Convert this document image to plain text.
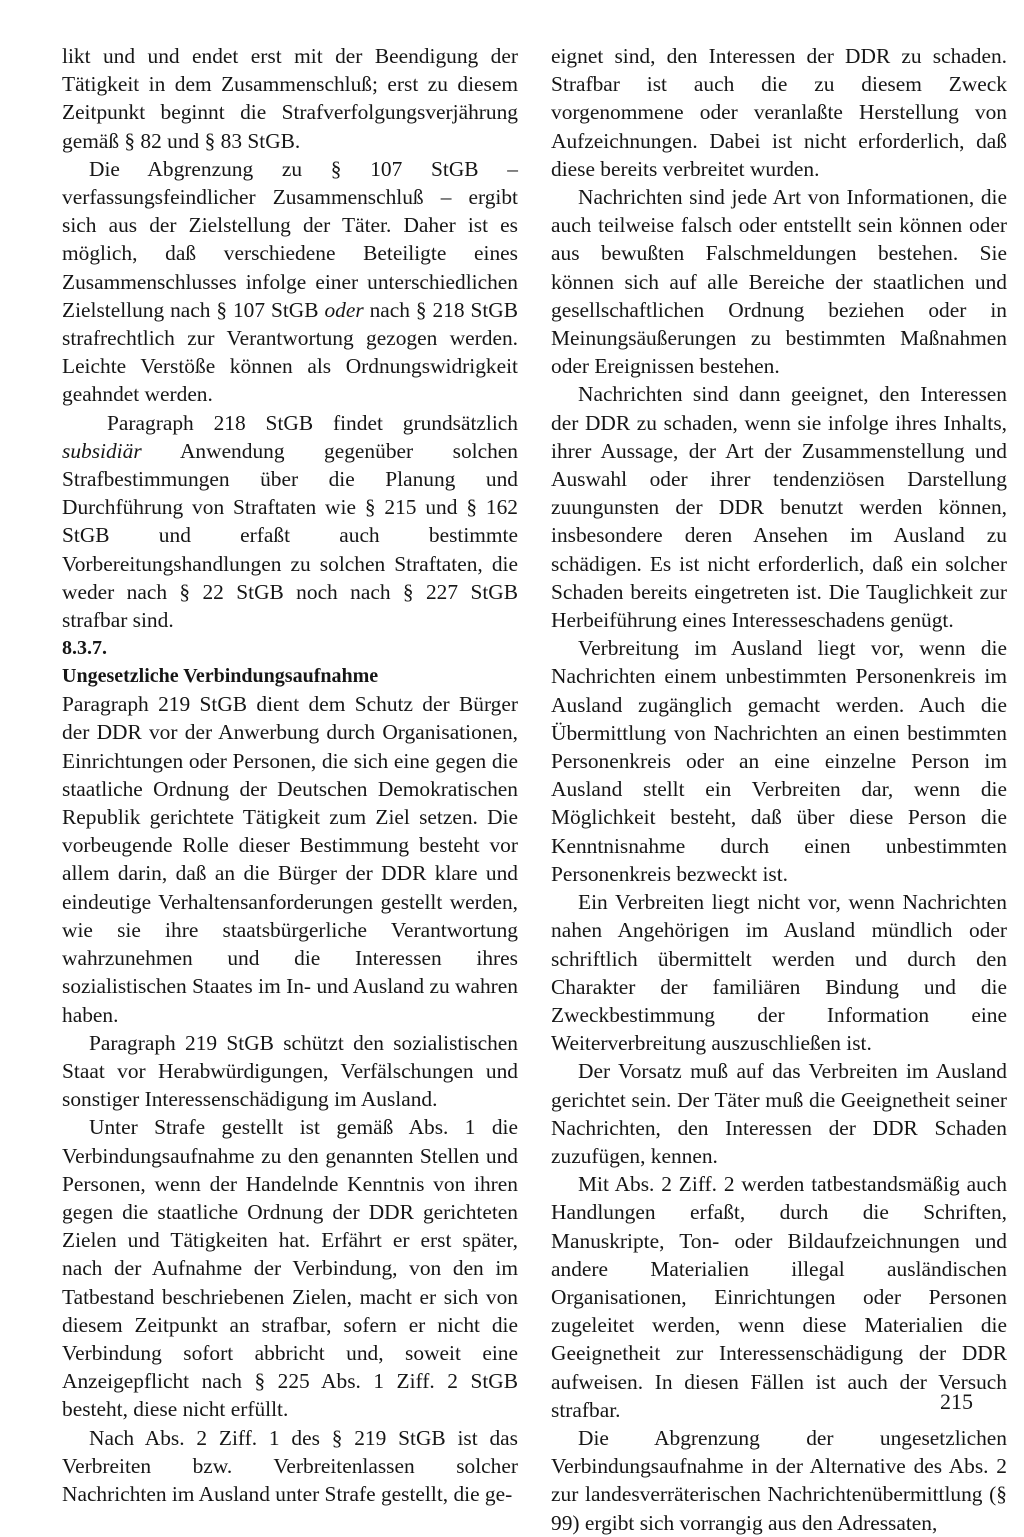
likt und und endet erst mit der Beendigung der Tätigkeit in dem Zusammenschluß; erst zu diesem Zeitpunkt beginnt die Strafverfolgungsverjährung gemäß § 82 und § 83 StGB.

Die Abgrenzung zu § 107 StGB – verfassungsfeindlicher Zusammenschluß – ergibt sich aus der Zielstellung der Täter. Daher ist es möglich, daß verschiedene Beteiligte eines Zusammenschlusses infolge einer unterschiedlichen Zielstellung nach § 107 StGB oder nach § 218 StGB strafrechtlich zur Verantwortung gezogen werden. Leichte Verstöße können als Ordnungswidrigkeit geahndet werden.

Paragraph 218 StGB findet grundsätzlich subsidiär Anwendung gegenüber solchen Strafbestimmungen über die Planung und Durchführung von Straftaten wie § 215 und § 162 StGB und erfaßt auch bestimmte Vorbereitungshandlungen zu solchen Straftaten, die weder nach § 22 StGB noch nach § 227 StGB strafbar sind.

8.3.7.

Ungesetzliche Verbindungsaufnahme

Paragraph 219 StGB dient dem Schutz der Bürger der DDR vor der Anwerbung durch Organisationen, Einrichtungen oder Personen, die sich eine gegen die staatliche Ordnung der Deutschen Demokratischen Republik gerichtete Tätigkeit zum Ziel setzen. Die vorbeugende Rolle dieser Bestimmung besteht vor allem darin, daß an die Bürger der DDR klare und eindeutige Verhaltensanforderungen gestellt werden, wie sie ihre staatsbürgerliche Verantwortung wahrzunehmen und die Interessen ihres sozialistischen Staates im In- und Ausland zu wahren haben.

Paragraph 219 StGB schützt den sozialistischen Staat vor Herabwürdigungen, Verfälschungen und sonstiger Interessenschädigung im Ausland.

Unter Strafe gestellt ist gemäß Abs. 1 die Verbindungsaufnahme zu den genannten Stellen und Personen, wenn der Handelnde Kenntnis von ihren gegen die staatliche Ordnung der DDR gerichteten Zielen und Tätigkeiten hat. Erfährt er erst später, nach der Aufnahme der Verbindung, von den im Tatbestand beschriebenen Zielen, macht er sich von diesem Zeitpunkt an strafbar, sofern er nicht die Verbindung sofort abbricht und, soweit eine Anzeigepflicht nach § 225 Abs. 1 Ziff. 2 StGB besteht, diese nicht erfüllt.

Nach Abs. 2 Ziff. 1 des § 219 StGB ist das Verbreiten bzw. Verbreitenlassen solcher Nachrichten im Ausland unter Strafe gestellt, die ge-

eignet sind, den Interessen der DDR zu schaden. Strafbar ist auch die zu diesem Zweck vorgenommene oder veranlaßte Herstellung von Aufzeichnungen. Dabei ist nicht erforderlich, daß diese bereits verbreitet wurden.

Nachrichten sind jede Art von Informationen, die auch teilweise falsch oder entstellt sein können oder aus bewußten Falschmeldungen bestehen. Sie können sich auf alle Bereiche der staatlichen und gesellschaftlichen Ordnung beziehen oder in Meinungsäußerungen zu bestimmten Maßnahmen oder Ereignissen bestehen.

Nachrichten sind dann geeignet, den Interessen der DDR zu schaden, wenn sie infolge ihres Inhalts, ihrer Aussage, der Art der Zusammenstellung und Auswahl oder ihrer tendenziösen Darstellung zuungunsten der DDR benutzt werden können, insbesondere deren Ansehen im Ausland zu schädigen. Es ist nicht erforderlich, daß ein solcher Schaden bereits eingetreten ist. Die Tauglichkeit zur Herbeiführung eines Interesseschadens genügt.

Verbreitung im Ausland liegt vor, wenn die Nachrichten einem unbestimmten Personenkreis im Ausland zugänglich gemacht werden. Auch die Übermittlung von Nachrichten an einen bestimmten Personenkreis oder an eine einzelne Person im Ausland stellt ein Verbreiten dar, wenn die Möglichkeit besteht, daß über diese Person die Kenntnisnahme durch einen unbestimmten Personenkreis bezweckt ist.

Ein Verbreiten liegt nicht vor, wenn Nachrichten nahen Angehörigen im Ausland mündlich oder schriftlich übermittelt werden und durch den Charakter der familiären Bindung und die Zweckbestimmung der Information eine Weiterverbreitung auszuschließen ist.

Der Vorsatz muß auf das Verbreiten im Ausland gerichtet sein. Der Täter muß die Geeignetheit seiner Nachrichten, den Interessen der DDR Schaden zuzufügen, kennen.

Mit Abs. 2 Ziff. 2 werden tatbestandsmäßig auch Handlungen erfaßt, durch die Schriften, Manuskripte, Ton- oder Bildaufzeichnungen und andere Materialien illegal ausländischen Organisationen, Einrichtungen oder Personen zugeleitet werden, wenn diese Materialien die Geeignetheit zur Interessenschädigung der DDR aufweisen. In diesen Fällen ist auch der Versuch strafbar.

Die Abgrenzung der ungesetzlichen Verbindungsaufnahme in der Alternative des Abs. 2 zur landesverräterischen Nachrichtenübermittlung (§ 99) ergibt sich vorrangig aus den Adressaten,

215
